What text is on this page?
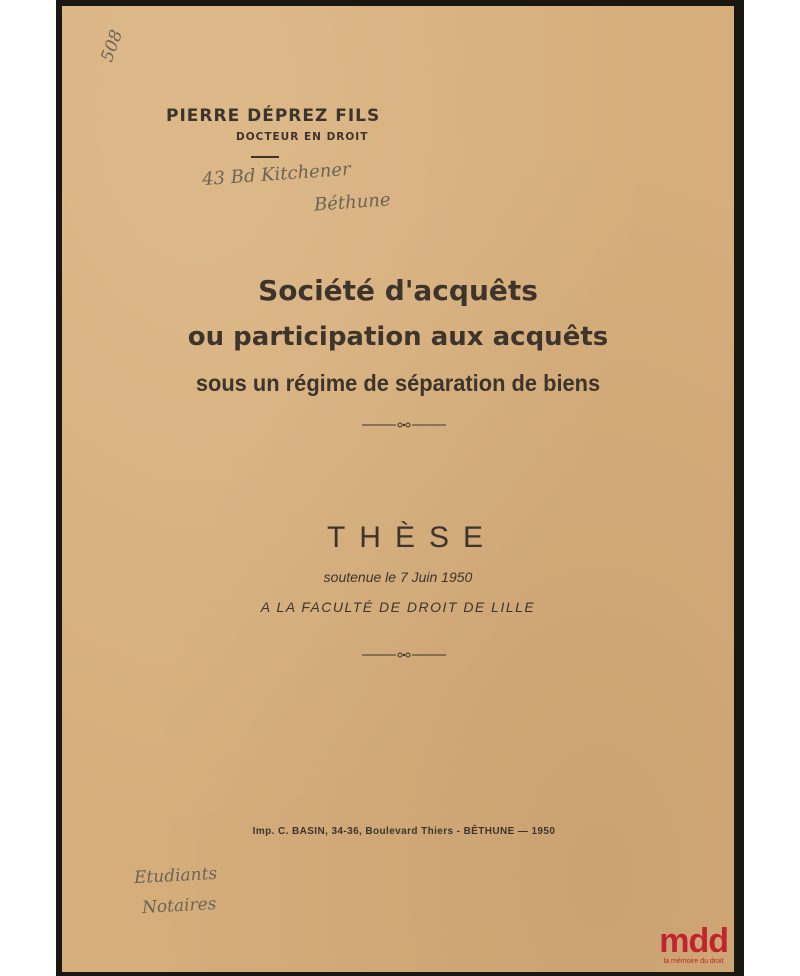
508
PIERRE DÉPREZ FILS
DOCTEUR EN DROIT
43 Bd Kitchener
Béthune
Société d'acquêts
ou participation aux acquêts
sous un régime de séparation de biens
THÈSE
soutenue le 7 Juin 1950
A LA FACULTÉ DE DROIT DE LILLE
Imp. C. BASIN, 34-36, Boulevard Thiers - BÊTHUNE — 1950
Etudiants
Notaires
mdd
la mémoire du droit
